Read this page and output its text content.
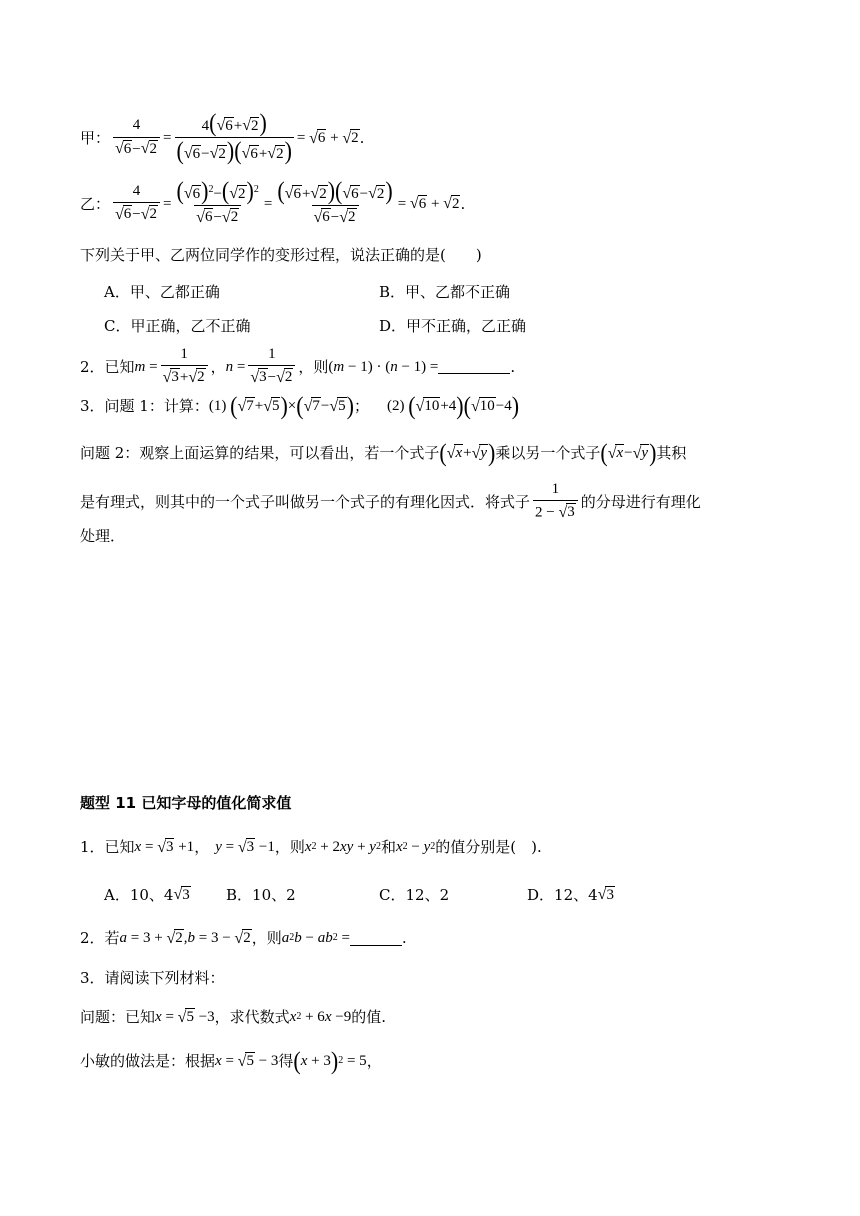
甲： $\frac{4}{√ 6 - √ 2} = \frac{4( √ 6 + √ 2 )}{( √ 6 - √ 2 )( √ 6 + √ 2 )}$ = √ 6 + √ 2 .
乙： $\frac{4}{√ 6 - √ 2} = \frac{( √ 6 )^2-( √ 2 )^2}{√ 6 - √ 2} = \frac{( √ 6 + √ 2 )( √ 6 - √ 2 )}{√ 6 - √ 2}$ = √ 6 + √ 2 .
下列关于甲、乙两位同学作的变形过程，说法正确的是(　　)
A．甲、乙都正确	B．甲、乙都不正确
C．甲正确，乙不正确	D．甲不正确，乙正确
2．已知 $m = \frac{1}{√ 3 + √ 2}$ ， $n = \frac{1}{√ 3 - √ 2}$ ，则 ( m − 1) · ( n − 1) =	.
3．问题 1：计算： (1) ( √ 7 + √ 5 ) × ( √ 7 − √ 5 ) ； (2) ( √ 10 +4 )( √ 10 −4 )
问题 2：观察上面运算的结果，可以看出，若一个式子 ( √ x + √ y ) 乘以另一个式子 ( √ x − √ y ) 其积
是有理式，则其中的一个式子叫做另一个式子的有理化因式．将式子 $\frac{1}{2 - √ 3}$ 的分母进行有理化
处理．
题型 11 已知字母的值化简求值
1．已知 x = √ 3 +1 ， y = √ 3 −1 ，则 x 2 + 2 xy + y 2 和 x 2 − y 2 的值分别是(　).
A．10、4 √ 3 B．10、2	C．12、2	D．12、4 √ 3
2．若 a = 3 + √ 2 , b = 3 − √ 2 ，则 a 2 b − ab 2 =	.
3．请阅读下列材料：
问题：已知 x = √ 5 −3 ，求代数式 x 2 + 6 x −9 的值.
小敏的做法是：根据 x = √ 5 − 3 得 ( x + 3 ) 2 = 5 ，
